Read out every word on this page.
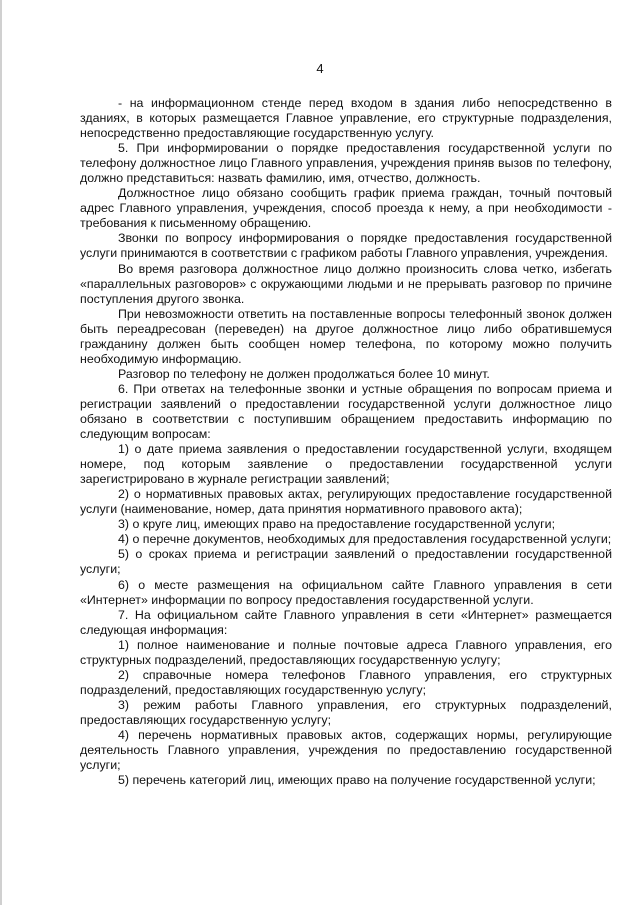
4

- на информационном стенде перед входом в здания либо непосредственно в зданиях, в которых размещается Главное управление, его структурные подразделения, непосредственно предоставляющие государственную услугу.

5. При информировании о порядке предоставления государственной услуги по телефону должностное лицо Главного управления, учреждения приняв вызов по телефону, должно представиться: назвать фамилию, имя, отчество, должность.

Должностное лицо обязано сообщить график приема граждан, точный почтовый адрес Главного управления, учреждения, способ проезда к нему, а при необходимости - требования к письменному обращению.

Звонки по вопросу информирования о порядке предоставления государственной услуги принимаются в соответствии с графиком работы Главного управления, учреждения.

Во время разговора должностное лицо должно произносить слова четко, избегать «параллельных разговоров» с окружающими людьми и не прерывать разговор по причине поступления другого звонка.

При невозможности ответить на поставленные вопросы телефонный звонок должен быть переадресован (переведен) на другое должностное лицо либо обратившемуся гражданину должен быть сообщен номер телефона, по которому можно получить необходимую информацию.

Разговор по телефону не должен продолжаться более 10 минут.

6. При ответах на телефонные звонки и устные обращения по вопросам приема и регистрации заявлений о предоставлении государственной услуги должностное лицо обязано в соответствии с поступившим обращением предоставить информацию по следующим вопросам:

1) о дате приема заявления о предоставлении государственной услуги, входящем номере, под которым заявление о предоставлении государственной услуги зарегистрировано в журнале регистрации заявлений;

2) о нормативных правовых актах, регулирующих предоставление государственной услуги (наименование, номер, дата принятия нормативного правового акта);

3) о круге лиц, имеющих право на предоставление государственной услуги;

4) о перечне документов, необходимых для предоставления государственной услуги;

5) о сроках приема и регистрации заявлений о предоставлении государственной услуги;

6) о месте размещения на официальном сайте Главного управления в сети «Интернет» информации по вопросу предоставления государственной услуги.

7. На официальном сайте Главного управления в сети «Интернет» размещается следующая информация:

1) полное наименование и полные почтовые адреса Главного управления, его структурных подразделений, предоставляющих государственную услугу;

2) справочные номера телефонов Главного управления, его структурных подразделений, предоставляющих государственную услугу;

3) режим работы Главного управления, его структурных подразделений, предоставляющих государственную услугу;

4) перечень нормативных правовых актов, содержащих нормы, регулирующие деятельность Главного управления, учреждения по предоставлению государственной услуги;

5) перечень категорий лиц, имеющих право на получение государственной услуги;
